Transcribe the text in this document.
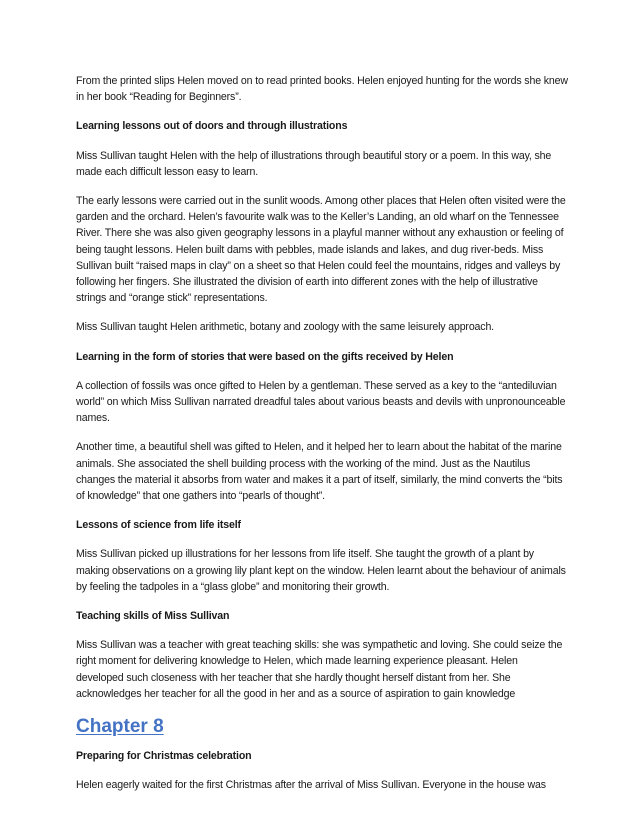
From the printed slips Helen moved on to read printed books. Helen enjoyed hunting for the words she knew in her book “Reading for Beginners”.

Learning lessons out of doors and through illustrations

Miss Sullivan taught Helen with the help of illustrations through beautiful story or a poem. In this way, she made each difficult lesson easy to learn.

The early lessons were carried out in the sunlit woods. Among other places that Helen often visited were the garden and the orchard. Helen’s favourite walk was to the Keller’s Landing, an old wharf on the Tennessee River. There she was also given geography lessons in a playful manner without any exhaustion or feeling of being taught lessons. Helen built dams with pebbles, made islands and lakes, and dug river-beds. Miss Sullivan built “raised maps in clay” on a sheet so that Helen could feel the mountains, ridges and valleys by following her fingers. She illustrated the division of earth into different zones with the help of illustrative strings and “orange stick” representations.

Miss Sullivan taught Helen arithmetic, botany and zoology with the same leisurely approach.

Learning in the form of stories that were based on the gifts received by Helen

A collection of fossils was once gifted to Helen by a gentleman. These served as a key to the “antediluvian world” on which Miss Sullivan narrated dreadful tales about various beasts and devils with unpronounceable names.

Another time, a beautiful shell was gifted to Helen, and it helped her to learn about the habitat of the marine animals. She associated the shell building process with the working of the mind. Just as the Nautilus changes the material it absorbs from water and makes it a part of itself, similarly, the mind converts the “bits of knowledge” that one gathers into “pearls of thought”.

Lessons of science from life itself

Miss Sullivan picked up illustrations for her lessons from life itself. She taught the growth of a plant by making observations on a growing lily plant kept on the window. Helen learnt about the behaviour of animals by feeling the tadpoles in a “glass globe” and monitoring their growth.

Teaching skills of Miss Sullivan

Miss Sullivan was a teacher with great teaching skills: she was sympathetic and loving. She could seize the right moment for delivering knowledge to Helen, which made learning experience pleasant. Helen developed such closeness with her teacher that she hardly thought herself distant from her. She acknowledges her teacher for all the good in her and as a source of aspiration to gain knowledge

Chapter 8

Preparing for Christmas celebration

Helen eagerly waited for the first Christmas after the arrival of Miss Sullivan. Everyone in the house was
